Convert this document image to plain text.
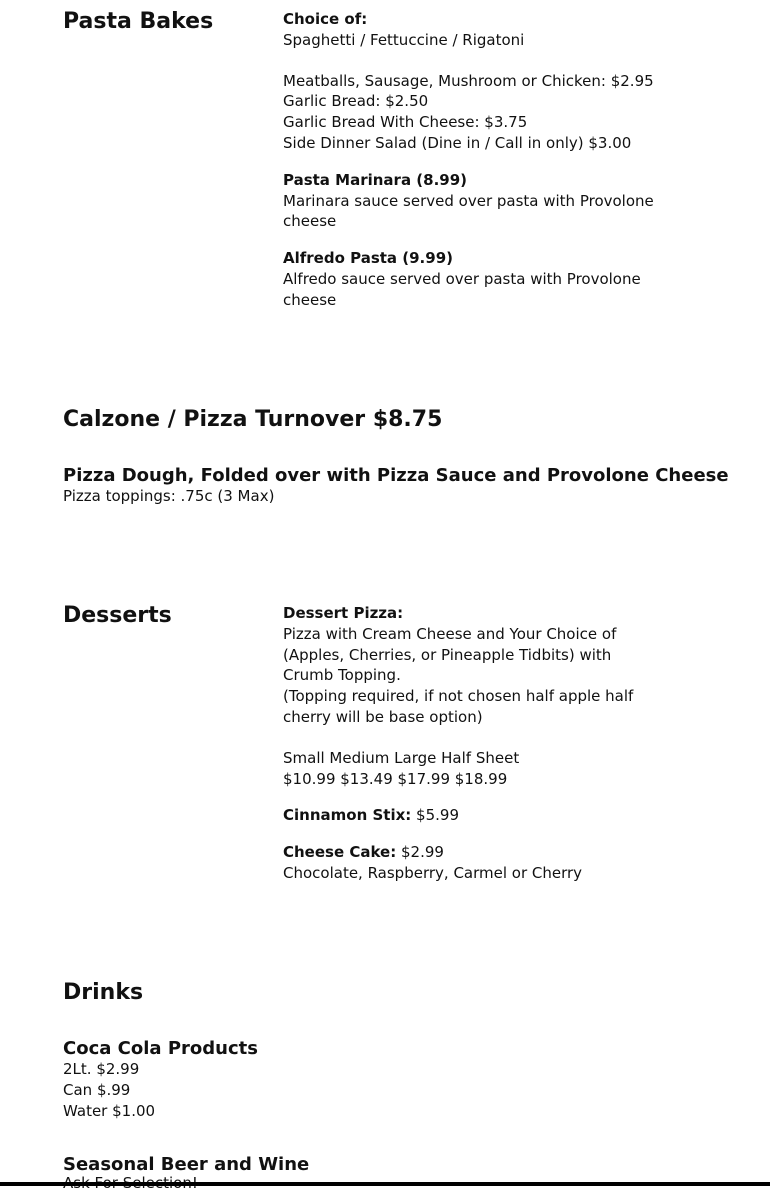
Pasta Bakes	Choice of:
Spaghetti / Fettuccine / Rigatoni
Meatballs, Sausage, Mushroom or Chicken: $2.95
Garlic Bread: $2.50
Garlic Bread With Cheese: $3.75
Side Dinner Salad (Dine in / Call in only) $3.00
Pasta Marinara (8.99)
Marinara sauce served over pasta with Provolone cheese
Alfredo Pasta (9.99)
Alfredo sauce served over pasta with Provolone cheese
Calzone / Pizza Turnover $8.75
Pizza Dough, Folded over with Pizza Sauce and Provolone Cheese
Pizza toppings: .75c (3 Max)
Desserts	Dessert Pizza:
Pizza with Cream Cheese and Your Choice of (Apples, Cherries, or Pineapple Tidbits) with Crumb Topping.
(Topping required, if not chosen half apple half cherry will be base option)
Small Medium Large Half Sheet
$10.99 $13.49 $17.99 $18.99
Cinnamon Stix: $5.99
Cheese Cake: $2.99
Chocolate, Raspberry, Carmel or Cherry
Drinks
Coca Cola Products
2Lt. $2.99
Can $.99
Water $1.00
Seasonal Beer and Wine
